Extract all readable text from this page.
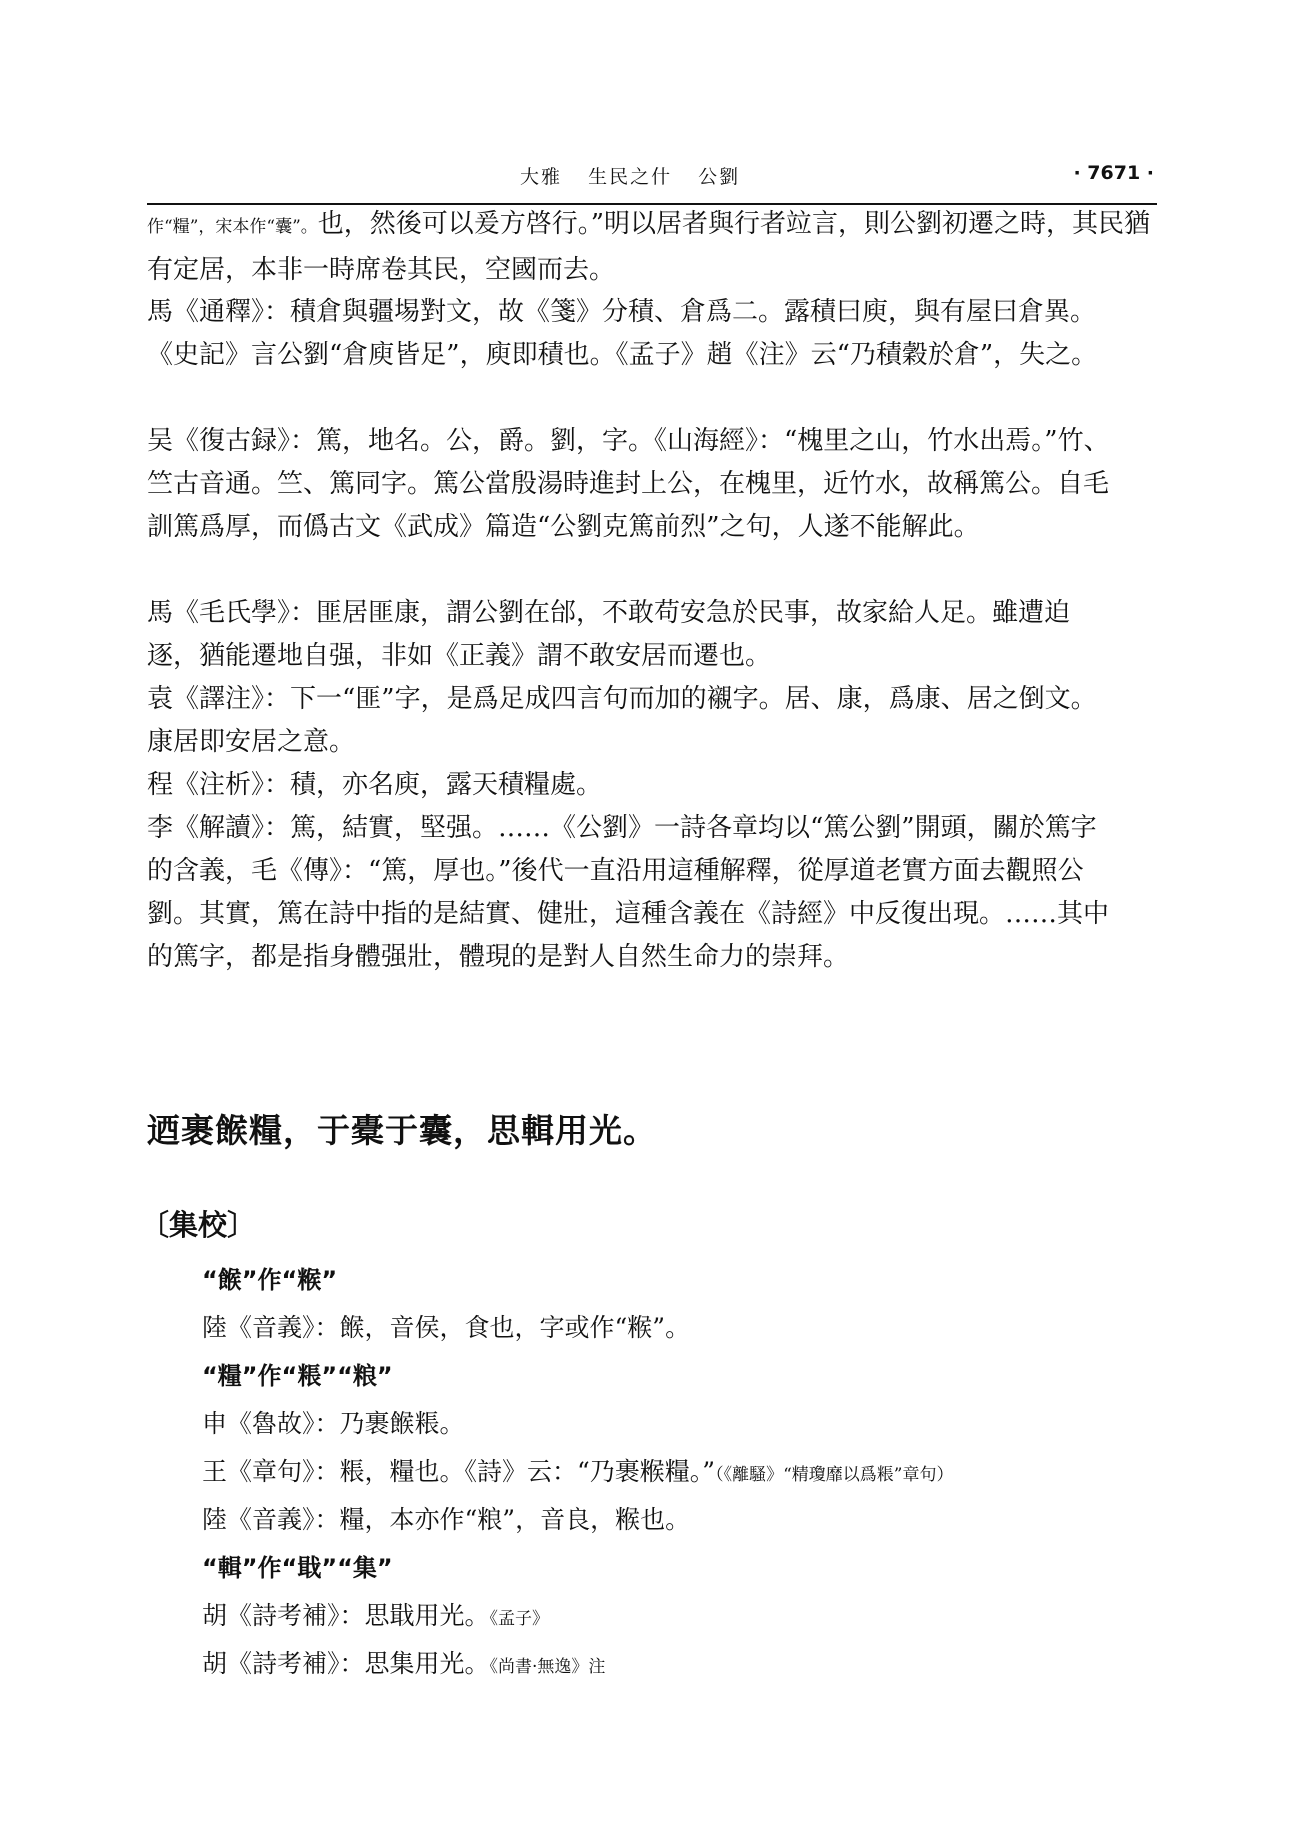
大雅 生民之什 公劉	· 7671 ·
作“糧”，宋本作“囊”。也，然後可以爰方啓行。”明以居者與行者竝言，則公劉初遷之時，其民猶有定居，本非一時席卷其民，空國而去。
馬《通釋》：積倉與疆埸對文，故《箋》分積、倉爲二。露積曰庾，與有屋曰倉異。《史記》言公劉“倉庾皆足”，庾即積也。《孟子》趙《注》云“乃積穀於倉”，失之。
吴《復古録》：篤，地名。公，爵。劉，字。《山海經》：“槐里之山，竹水出焉。”竹、竺古音通。竺、篤同字。篤公當殷湯時進封上公，在槐里，近竹水，故稱篤公。自毛訓篤爲厚，而僞古文《武成》篇造“公劉克篤前烈”之句，人遂不能解此。
馬《毛氏學》：匪居匪康，謂公劉在邰，不敢苟安急於民事，故家給人足。雖遭迫逐，猶能遷地自强，非如《正義》謂不敢安居而遷也。
袁《譯注》：下一“匪”字，是爲足成四言句而加的襯字。居、康，爲康、居之倒文。康居即安居之意。
程《注析》：積，亦名庾，露天積糧處。
李《解讀》：篤，結實，堅强。……《公劉》一詩各章均以“篤公劉”開頭，關於篤字的含義，毛《傳》：“篤，厚也。”後代一直沿用這種解釋，從厚道老實方面去觀照公劉。其實，篤在詩中指的是結實、健壯，這種含義在《詩經》中反復出現。……其中的篤字，都是指身體强壯，體現的是對人自然生命力的崇拜。
迺裹餱糧，于橐于囊，思輯用光。
〔集校〕
“餱”作“糇”
陸《音義》：餱，音侯，食也，字或作“糇”。
“糧”作“粻”“粮”
申《魯故》：乃裹餱粻。
王《章句》：粻，糧也。《詩》云：“乃裹糇糧。”（《離騷》“精瓊靡以爲粻”章句）
陸《音義》：糧，本亦作“粮”，音良，糇也。
“輯”作“戢”“集”
胡《詩考補》：思戢用光。《孟子》
胡《詩考補》：思集用光。《尚書·無逸》注
